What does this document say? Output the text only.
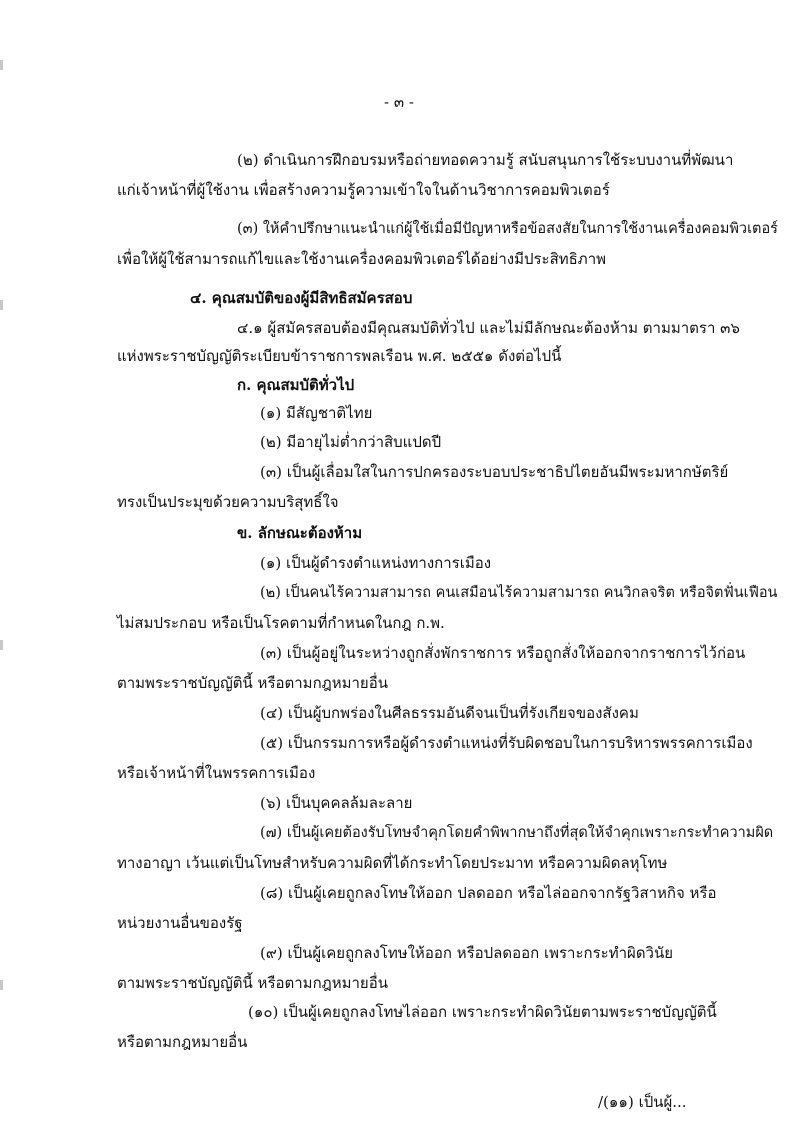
- ๓ -
(๒) ดำเนินการฝึกอบรมหรือถ่ายทอดความรู้ สนับสนุนการใช้ระบบงานที่พัฒนา
แก่เจ้าหน้าที่ผู้ใช้งาน เพื่อสร้างความรู้ความเข้าใจในด้านวิชาการคอมพิวเตอร์
(๓) ให้คำปรึกษาแนะนำแก่ผู้ใช้เมื่อมีปัญหาหรือข้อสงสัยในการใช้งานเครื่องคอมพิวเตอร์
เพื่อให้ผู้ใช้สามารถแก้ไขและใช้งานเครื่องคอมพิวเตอร์ได้อย่างมีประสิทธิภาพ
๔. คุณสมบัติของผู้มีสิทธิสมัครสอบ
๔.๑ ผู้สมัครสอบต้องมีคุณสมบัติทั่วไป และไม่มีลักษณะต้องห้าม ตามมาตรา ๓๖
แห่งพระราชบัญญัติระเบียบข้าราชการพลเรือน พ.ศ. ๒๕๕๑ ดังต่อไปนี้
ก. คุณสมบัติทั่วไป
(๑) มีสัญชาติไทย
(๒) มีอายุไม่ต่ำกว่าสิบแปดปี
(๓) เป็นผู้เลื่อมใสในการปกครองระบอบประชาธิปไตยอันมีพระมหากษัตริย์
ทรงเป็นประมุขด้วยความบริสุทธิ์ใจ
ข. ลักษณะต้องห้าม
(๑) เป็นผู้ดำรงตำแหน่งทางการเมือง
(๒) เป็นคนไร้ความสามารถ คนเสมือนไร้ความสามารถ คนวิกลจริต หรือจิตฟั่นเฟือน
ไม่สมประกอบ หรือเป็นโรคตามที่กำหนดในกฎ ก.พ.
(๓) เป็นผู้อยู่ในระหว่างถูกสั่งพักราชการ หรือถูกสั่งให้ออกจากราชการไว้ก่อน
ตามพระราชบัญญัตินี้ หรือตามกฎหมายอื่น
(๔) เป็นผู้บกพร่องในศีลธรรมอันดีจนเป็นที่รังเกียจของสังคม
(๕) เป็นกรรมการหรือผู้ดำรงตำแหน่งที่รับผิดชอบในการบริหารพรรคการเมือง
หรือเจ้าหน้าที่ในพรรคการเมือง
(๖) เป็นบุคคลล้มละลาย
(๗) เป็นผู้เคยต้องรับโทษจำคุกโดยคำพิพากษาถึงที่สุดให้จำคุกเพราะกระทำความผิด
ทางอาญา เว้นแต่เป็นโทษสำหรับความผิดที่ได้กระทำโดยประมาท หรือความผิดลหุโทษ
(๘) เป็นผู้เคยถูกลงโทษให้ออก ปลดออก หรือไล่ออกจากรัฐวิสาหกิจ หรือ
หน่วยงานอื่นของรัฐ
(๙) เป็นผู้เคยถูกลงโทษให้ออก หรือปลดออก เพราะกระทำผิดวินัย
ตามพระราชบัญญัตินี้ หรือตามกฎหมายอื่น
(๑๐) เป็นผู้เคยถูกลงโทษไล่ออก เพราะกระทำผิดวินัยตามพระราชบัญญัตินี้
หรือตามกฎหมายอื่น
/(๑๑) เป็นผู้...
